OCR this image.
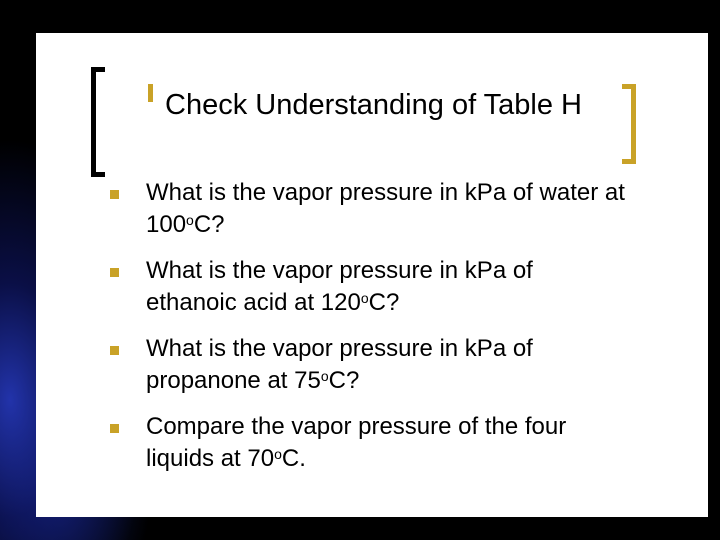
Check Understanding of Table H
What is the vapor pressure in kPa of water at 100$^o$C?
What is the vapor pressure in kPa of ethanoic acid at 120$^o$C?
What is the vapor pressure in kPa of propanone at 75$^o$C?
Compare the vapor pressure of the four liquids at 70$^o$C.
